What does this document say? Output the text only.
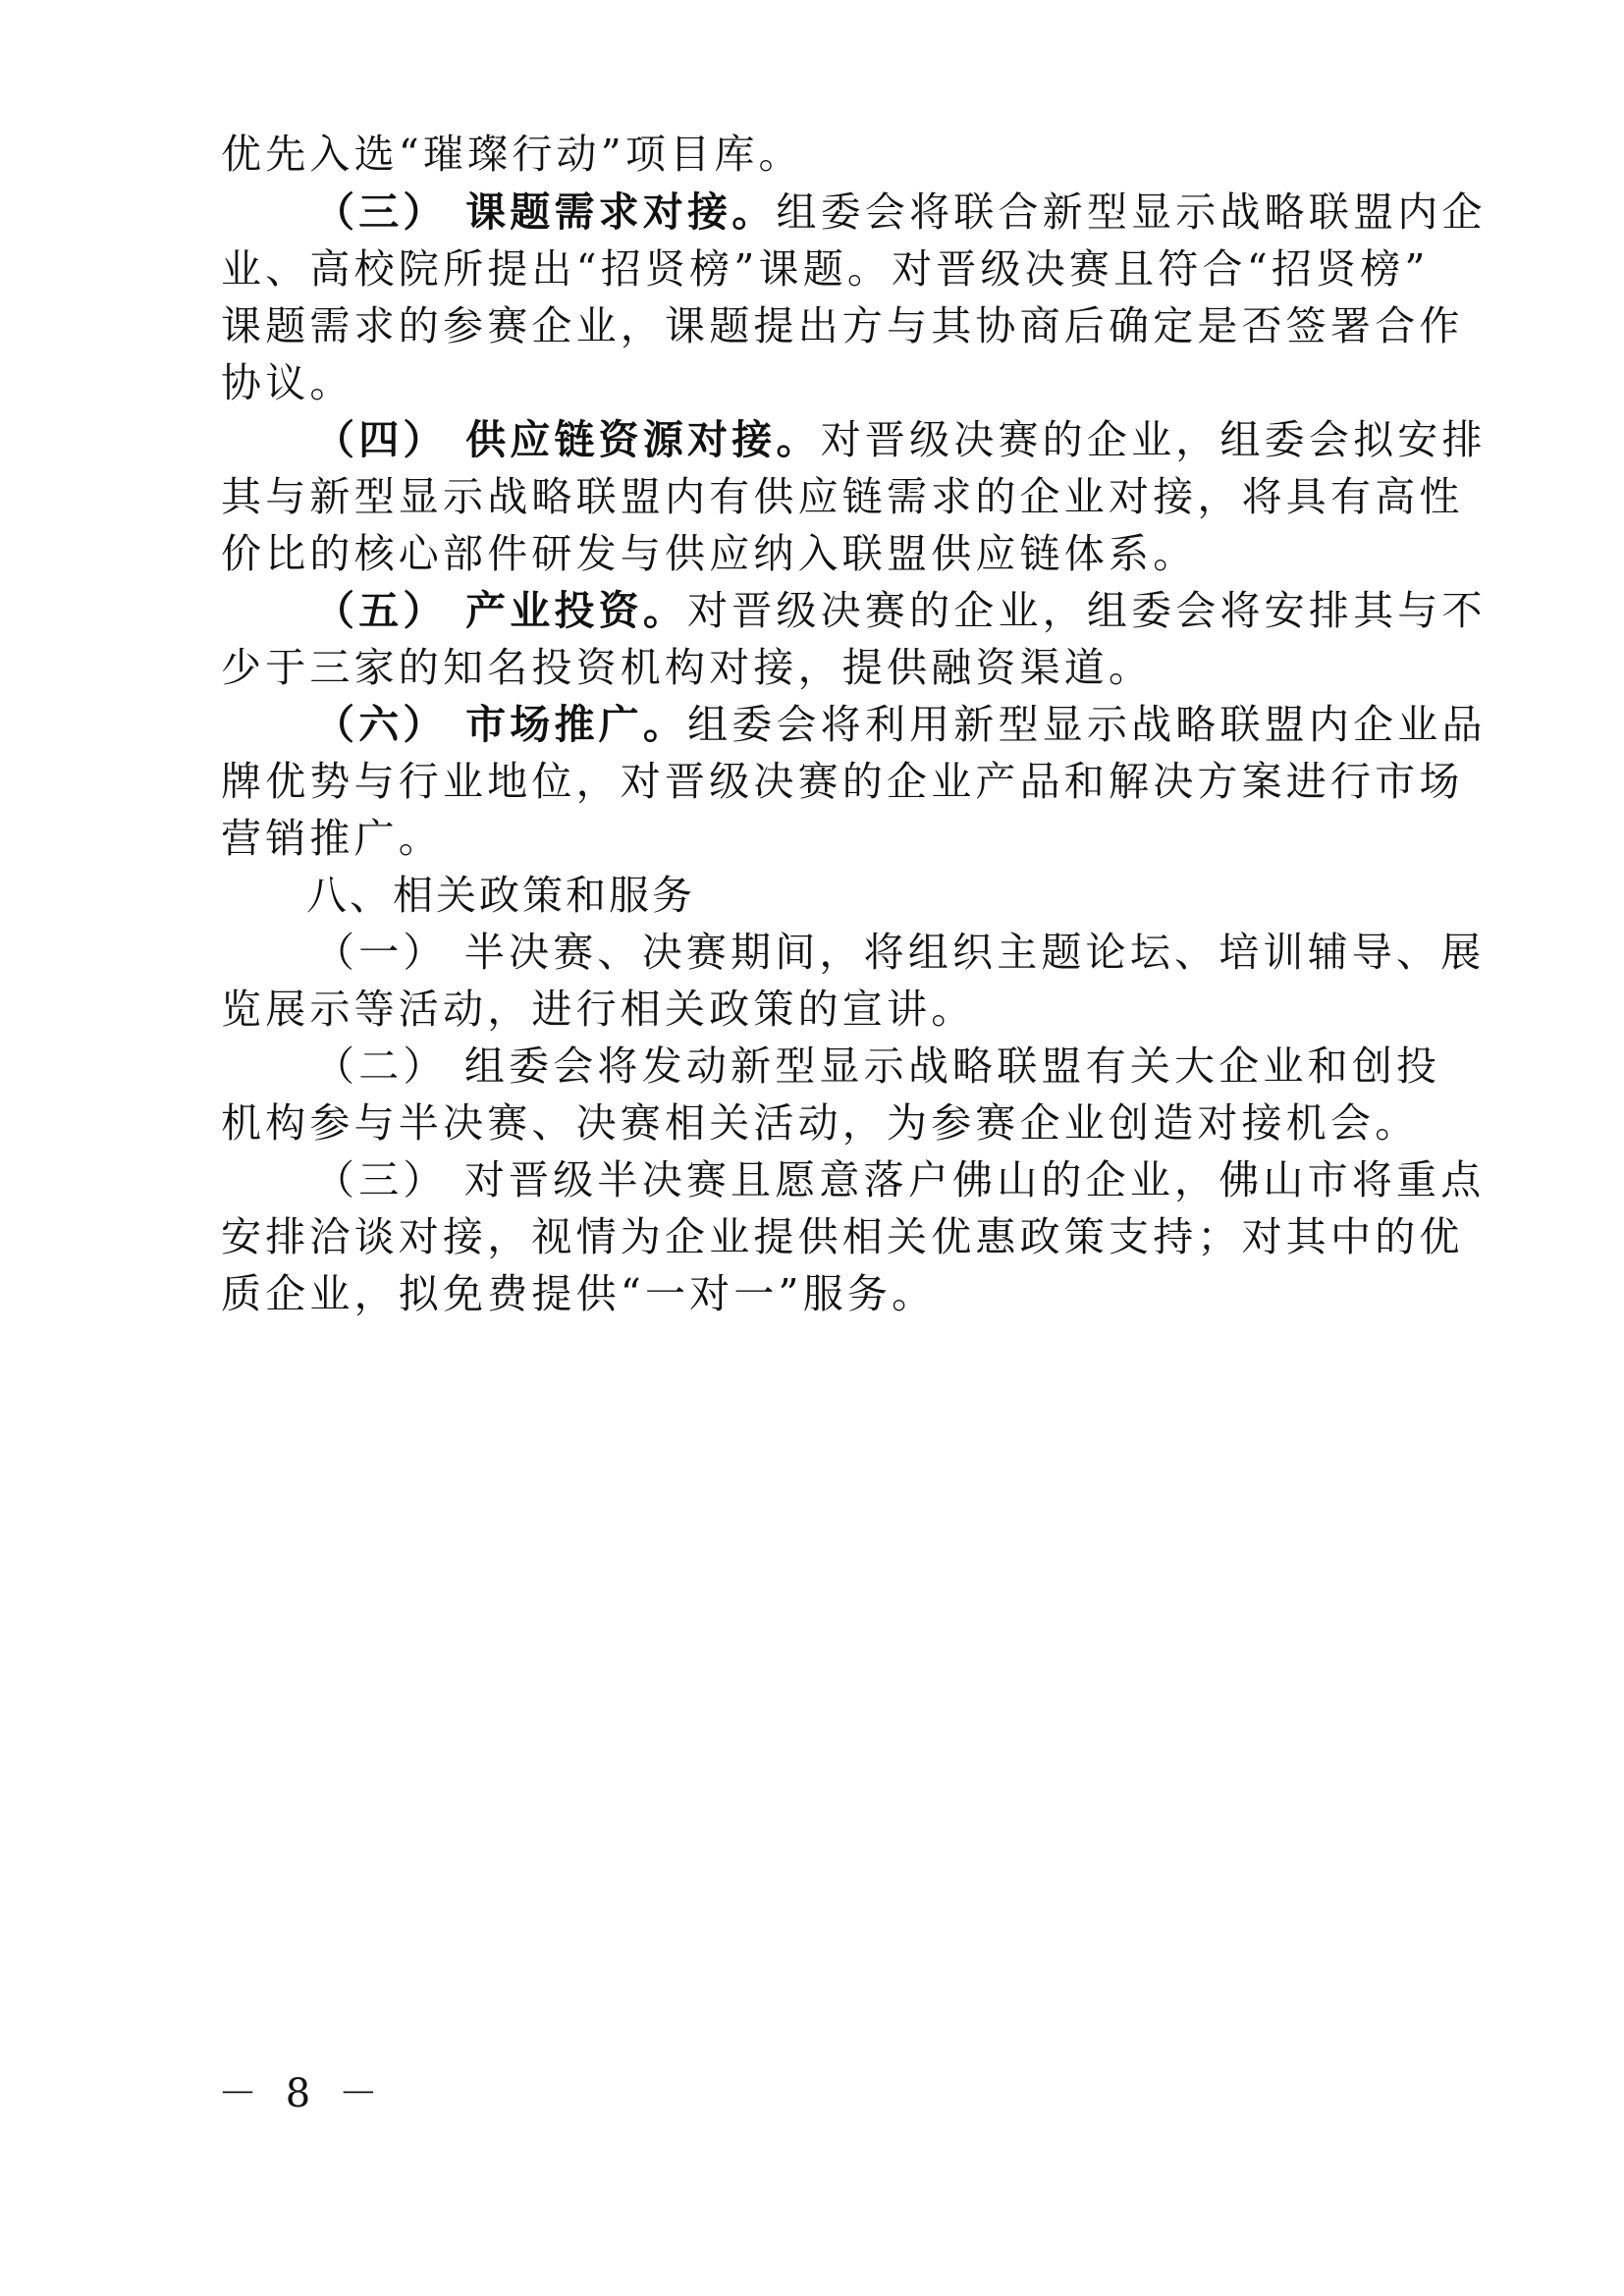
优先入选“璀璨行动”项目库。
（三） 课题需求对接。组委会将联合新型显示战略联盟内企
业、高校院所提出“招贤榜”课题。对晋级决赛且符合“招贤榜”
课题需求的参赛企业，课题提出方与其协商后确定是否签署合作
协议。
（四） 供应链资源对接。对晋级决赛的企业，组委会拟安排
其与新型显示战略联盟内有供应链需求的企业对接，将具有高性
价比的核心部件研发与供应纳入联盟供应链体系。
（五） 产业投资。对晋级决赛的企业，组委会将安排其与不
少于三家的知名投资机构对接，提供融资渠道。
（六） 市场推广。组委会将利用新型显示战略联盟内企业品
牌优势与行业地位，对晋级决赛的企业产品和解决方案进行市场
营销推广。
八、相关政策和服务
（一） 半决赛、决赛期间，将组织主题论坛、培训辅导、展
览展示等活动，进行相关政策的宣讲。
（二） 组委会将发动新型显示战略联盟有关大企业和创投
机构参与半决赛、决赛相关活动，为参赛企业创造对接机会。
（三） 对晋级半决赛且愿意落户佛山的企业，佛山市将重点
安排洽谈对接，视情为企业提供相关优惠政策支持；对其中的优
质企业，拟免费提供“一对一”服务。
－ 8 －
